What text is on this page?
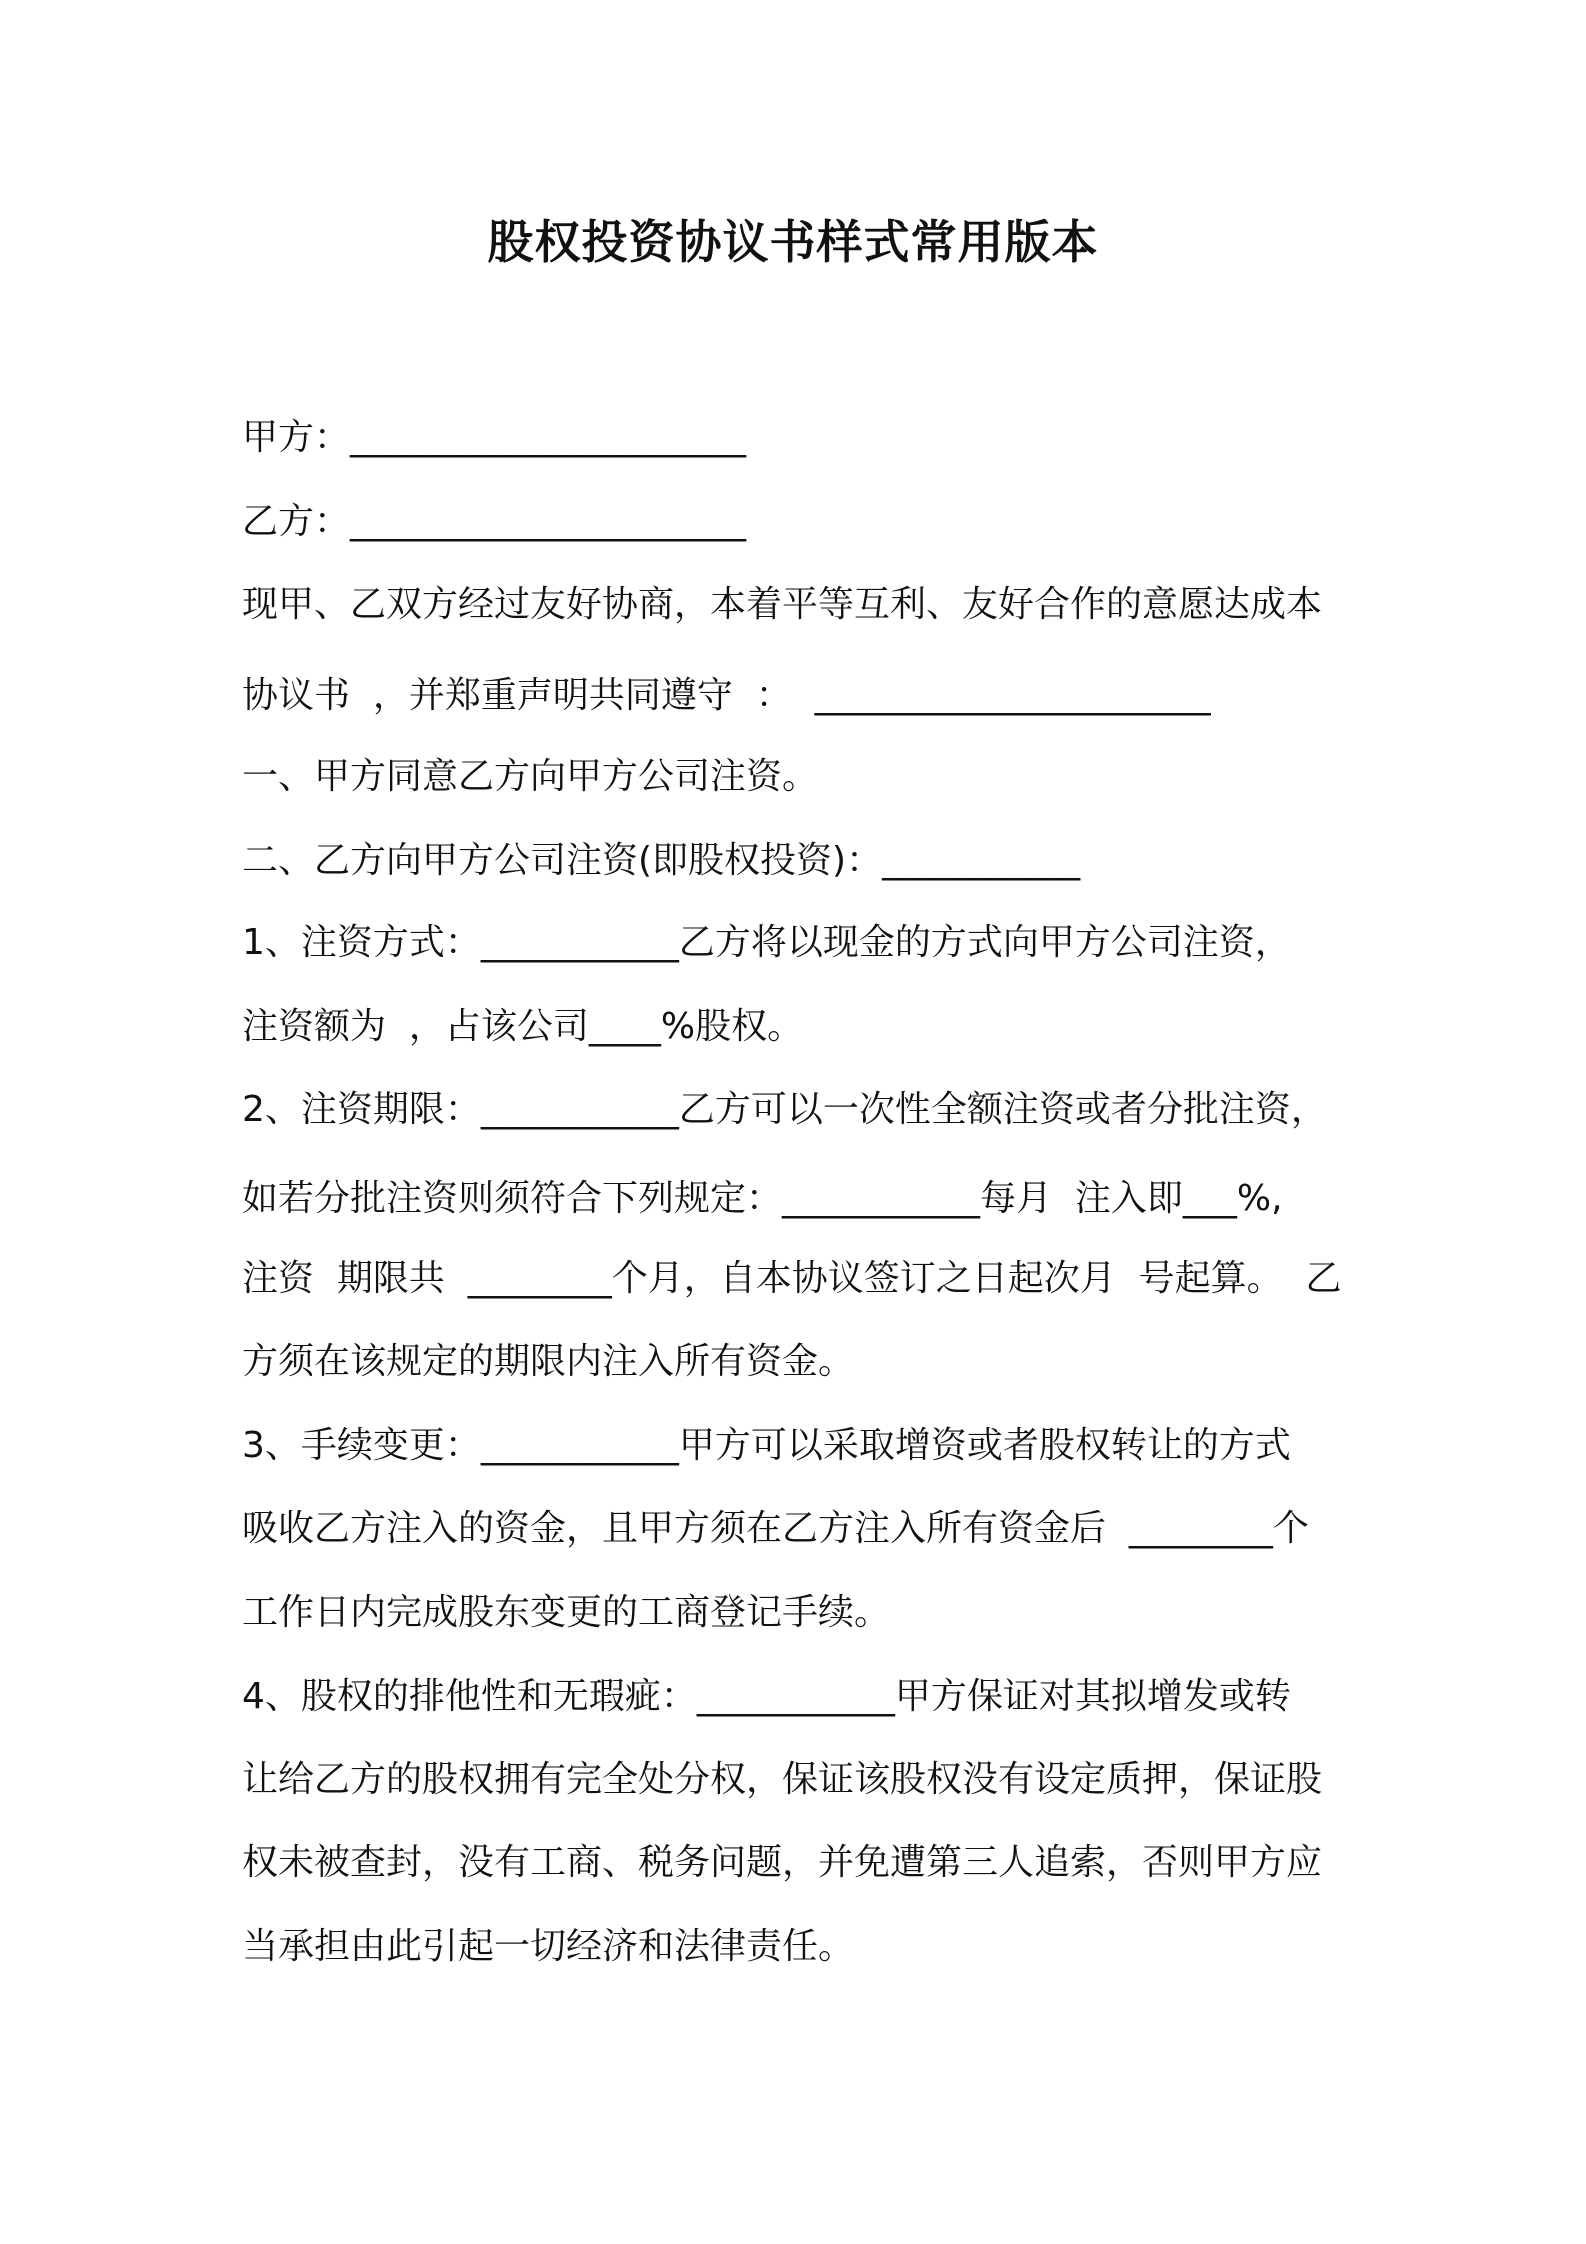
股权投资协议书样式常用版本
甲方：______________________
乙方：______________________
现甲、乙双方经过友好协商，本着平等互利、友好合作的意愿达成本
协议书  ，并郑重声明共同遵守  ：  ______________________
一、甲方同意乙方向甲方公司注资。
二、乙方向甲方公司注资(即股权投资)：___________
1、注资方式：___________乙方将以现金的方式向甲方公司注资，
注资额为  ，占该公司____%股权。
2、注资期限：___________乙方可以一次性全额注资或者分批注资，
如若分批注资则须符合下列规定：___________每月  注入即___%,
注资  期限共  ________个月，自本协议签订之日起次月  号起算。  乙
方须在该规定的期限内注入所有资金。
3、手续变更：___________甲方可以采取增资或者股权转让的方式
吸收乙方注入的资金，且甲方须在乙方注入所有资金后  ________个
工作日内完成股东变更的工商登记手续。
4、股权的排他性和无瑕疵：___________甲方保证对其拟增发或转
让给乙方的股权拥有完全处分权，保证该股权没有设定质押，保证股
权未被查封，没有工商、税务问题，并免遭第三人追索，否则甲方应
当承担由此引起一切经济和法律责任。
